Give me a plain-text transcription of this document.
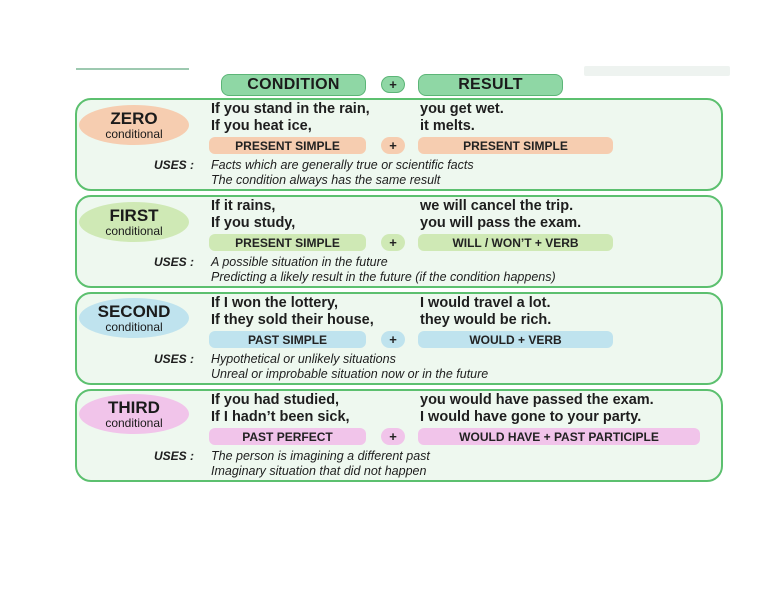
CONDITION	+	RESULT
ZERO
conditional
If you stand in the rain,	you get wet.
If you heat ice,	it melts.
PRESENT SIMPLE	+	PRESENT SIMPLE
USES : Facts which are generally true or scientific facts
The condition always has the same result
FIRST
conditional
If it rains,	we will cancel the trip.
If you study,	you will pass the exam.
PRESENT SIMPLE	+	WILL / WON’T + VERB
USES : A possible situation in the future
Predicting a likely result in the future (if the condition happens)
SECOND
conditional
If I won the lottery,	I would travel a lot.
If they sold their house,	they would be rich.
PAST SIMPLE	+	WOULD + VERB
USES : Hypothetical or unlikely situations
Unreal or improbable situation now or in the future
THIRD
conditional
If you had studied,	you would have passed the exam.
If I hadn’t been sick,	I would have gone to your party.
PAST PERFECT	+	WOULD HAVE + PAST PARTICIPLE
USES : The person is imagining a different past
Imaginary situation that did not happen
